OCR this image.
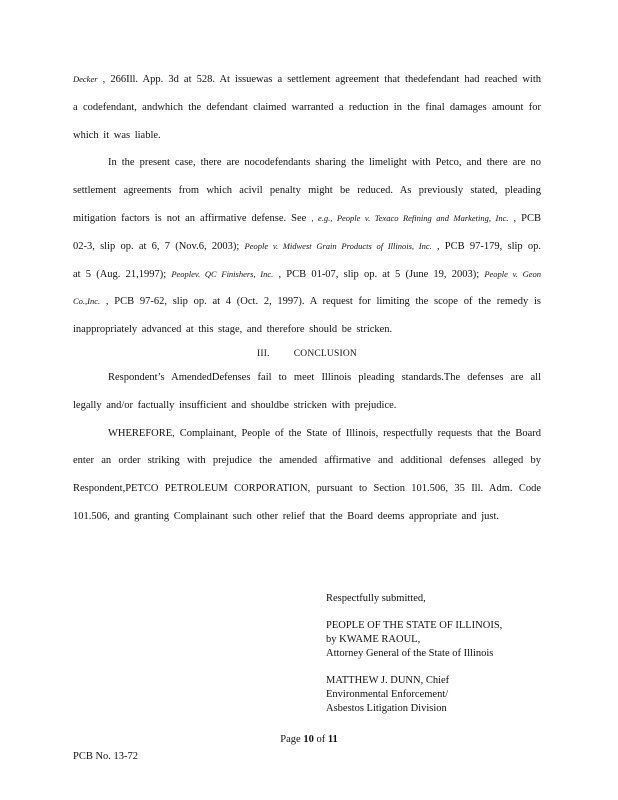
Decker , 266Ill. App. 3d at 528. At issuewas a settlement agreement that thedefendant had reached with a codefendant, andwhich the defendant claimed warranted a reduction in the final damages amount for which it was liable.

In the present case, there are nocodefendants sharing the limelight with Petco, and there are no settlement agreements from which acivil penalty might be reduced. As previously stated, pleading mitigation factors is not an affirmative defense. See , e.g., People v. Texaco Refining and Marketing, Inc. , PCB 02-3, slip op. at 6, 7 (Nov.6, 2003); People v. Midwest Grain Products of Illinois, Inc. , PCB 97-179, slip op. at 5 (Aug. 21,1997); Peoplev. QC Finishers, Inc. , PCB 01-07, slip op. at 5 (June 19, 2003); People v. Geon Co.,Inc. , PCB 97-62, slip op. at 4 (Oct. 2, 1997). A request for limiting the scope of the remedy is inappropriately advanced at this stage, and therefore should be stricken.

III.	CONCLUSION

Respondent’s AmendedDefenses fail to meet Illinois pleading standards.The defenses are all legally and/or factually insufficient and shouldbe stricken with prejudice.

WHEREFORE, Complainant, People of the State of Illinois, respectfully requests that the Board enter an order striking with prejudice the amended affirmative and additional defenses alleged by Respondent,PETCO PETROLEUM CORPORATION, pursuant to Section 101.506, 35 Ill. Adm. Code 101.506, and granting Complainant such other relief that the Board deems appropriate and just.

Respectfully submitted,

PEOPLE OF THE STATE OF ILLINOIS,

by KWAME RAOUL,

Attorney General of the State of Illinois

MATTHEW J. DUNN, Chief

Environmental Enforcement/

Asbestos Litigation Division

Page 10 of 11
PCB No. 13-72
